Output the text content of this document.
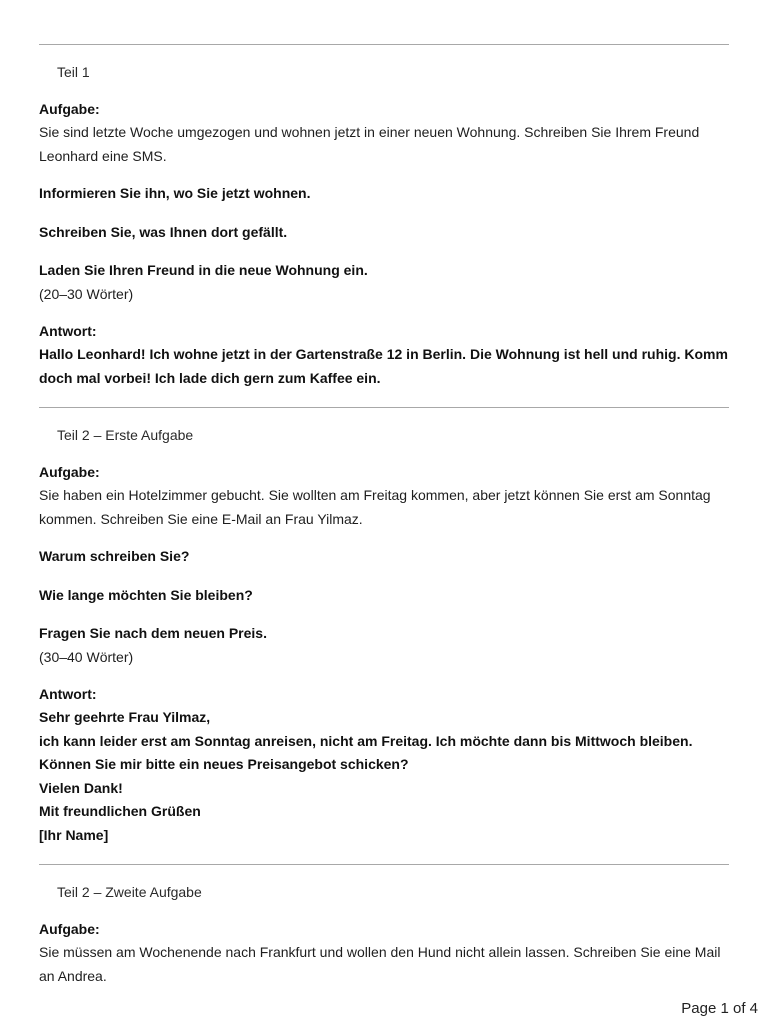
Teil 1
Aufgabe:

Sie sind letzte Woche umgezogen und wohnen jetzt in einer neuen Wohnung. Schreiben Sie Ihrem Freund Leonhard eine SMS.

Informieren Sie ihn, wo Sie jetzt wohnen.

Schreiben Sie, was Ihnen dort gefällt.

Laden Sie Ihren Freund in die neue Wohnung ein.

(20–30 Wörter)

Antwort:

Hallo Leonhard! Ich wohne jetzt in der Gartenstraße 12 in Berlin. Die Wohnung ist hell und ruhig. Komm doch mal vorbei! Ich lade dich gern zum Kaffee ein.

Teil 2 – Erste Aufgabe
Aufgabe:

Sie haben ein Hotelzimmer gebucht. Sie wollten am Freitag kommen, aber jetzt können Sie erst am Sonntag kommen. Schreiben Sie eine E-Mail an Frau Yilmaz.

Warum schreiben Sie?

Wie lange möchten Sie bleiben?

Fragen Sie nach dem neuen Preis.

(30–40 Wörter)

Antwort:

Sehr geehrte Frau Yilmaz,

ich kann leider erst am Sonntag anreisen, nicht am Freitag. Ich möchte dann bis Mittwoch bleiben.

Können Sie mir bitte ein neues Preisangebot schicken?

Vielen Dank!

Mit freundlichen Grüßen

[Ihr Name]

Teil 2 – Zweite Aufgabe
Aufgabe:

Sie müssen am Wochenende nach Frankfurt und wollen den Hund nicht allein lassen. Schreiben Sie eine Mail an Andrea.

Page 1 of 4
